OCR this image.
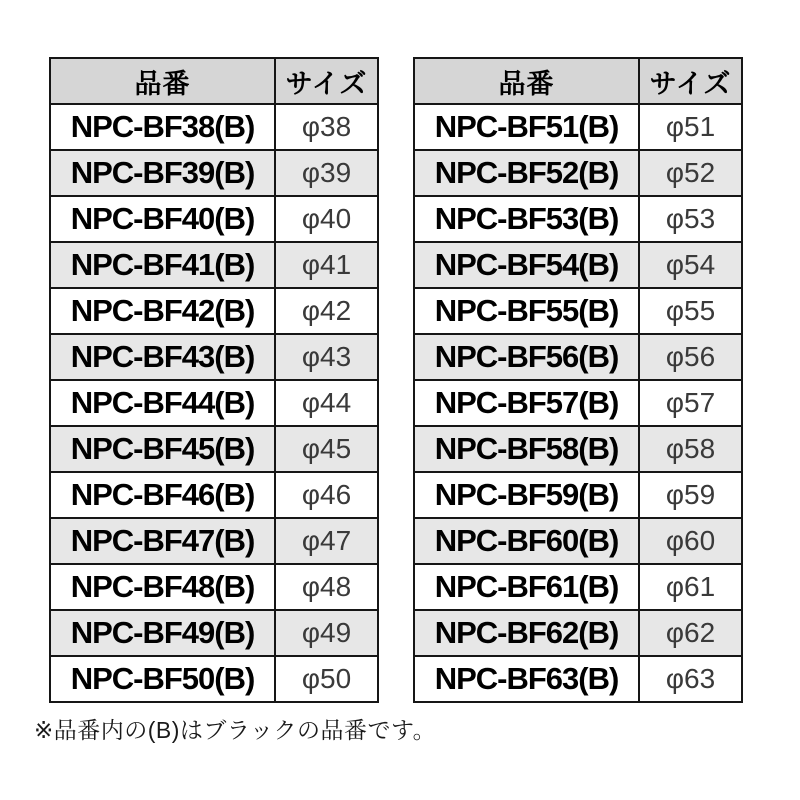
品番	サイズ
NPC-BF38(B)	φ38
NPC-BF39(B)	φ39
NPC-BF40(B)	φ40
NPC-BF41(B)	φ41
NPC-BF42(B)	φ42
NPC-BF43(B)	φ43
NPC-BF44(B)	φ44
NPC-BF45(B)	φ45
NPC-BF46(B)	φ46
NPC-BF47(B)	φ47
NPC-BF48(B)	φ48
NPC-BF49(B)	φ49
NPC-BF50(B)	φ50
品番	サイズ
NPC-BF51(B)	φ51
NPC-BF52(B)	φ52
NPC-BF53(B)	φ53
NPC-BF54(B)	φ54
NPC-BF55(B)	φ55
NPC-BF56(B)	φ56
NPC-BF57(B)	φ57
NPC-BF58(B)	φ58
NPC-BF59(B)	φ59
NPC-BF60(B)	φ60
NPC-BF61(B)	φ61
NPC-BF62(B)	φ62
NPC-BF63(B)	φ63

※品番内の(B)はブラックの品番です。
